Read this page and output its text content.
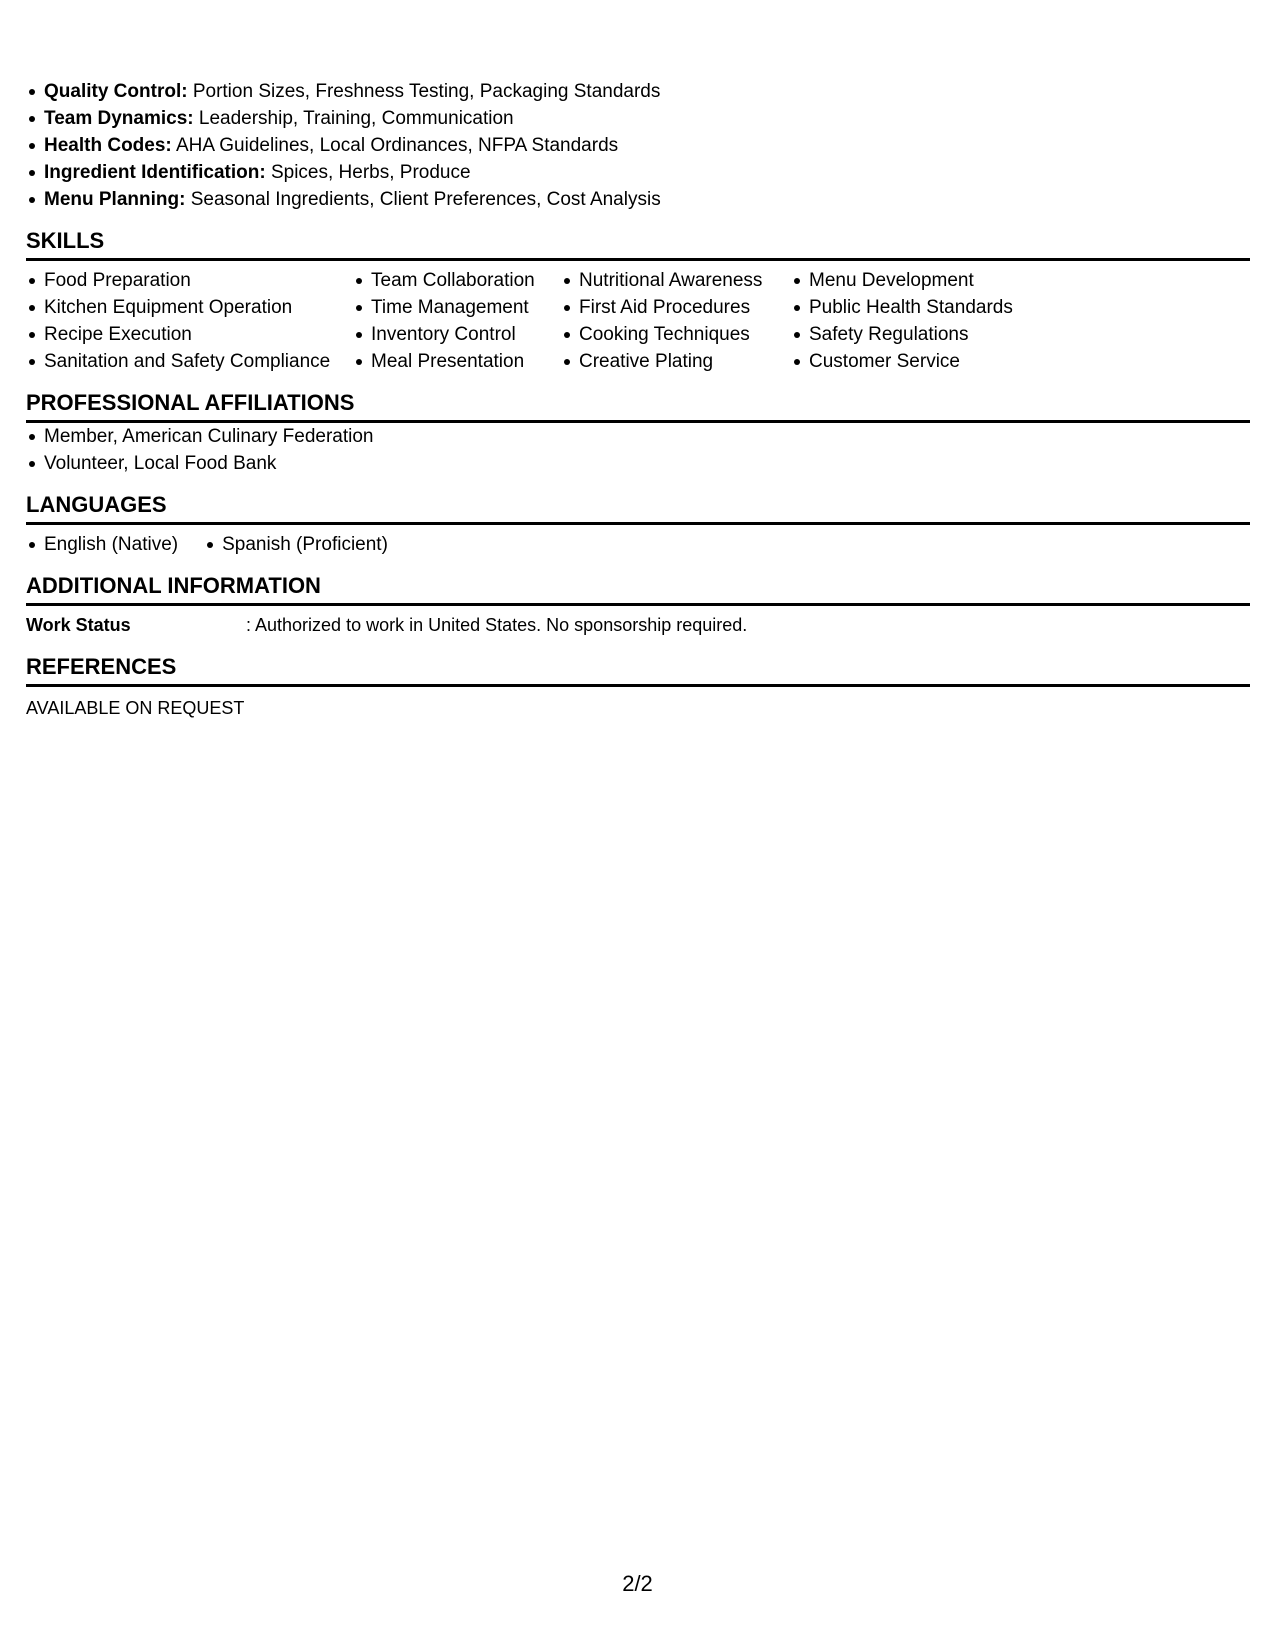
Quality Control: Portion Sizes, Freshness Testing, Packaging Standards
Team Dynamics: Leadership, Training, Communication
Health Codes: AHA Guidelines, Local Ordinances, NFPA Standards
Ingredient Identification: Spices, Herbs, Produce
Menu Planning: Seasonal Ingredients, Client Preferences, Cost Analysis
SKILLS
Food Preparation
Kitchen Equipment Operation
Recipe Execution
Sanitation and Safety Compliance
Team Collaboration
Time Management
Inventory Control
Meal Presentation
Nutritional Awareness
First Aid Procedures
Cooking Techniques
Creative Plating
Menu Development
Public Health Standards
Safety Regulations
Customer Service
PROFESSIONAL AFFILIATIONS
Member, American Culinary Federation
Volunteer, Local Food Bank
LANGUAGES
English (Native) Spanish (Proficient)
ADDITIONAL INFORMATION
Work Status	: Authorized to work in United States. No sponsorship required.
REFERENCES
AVAILABLE ON REQUEST
2/2
